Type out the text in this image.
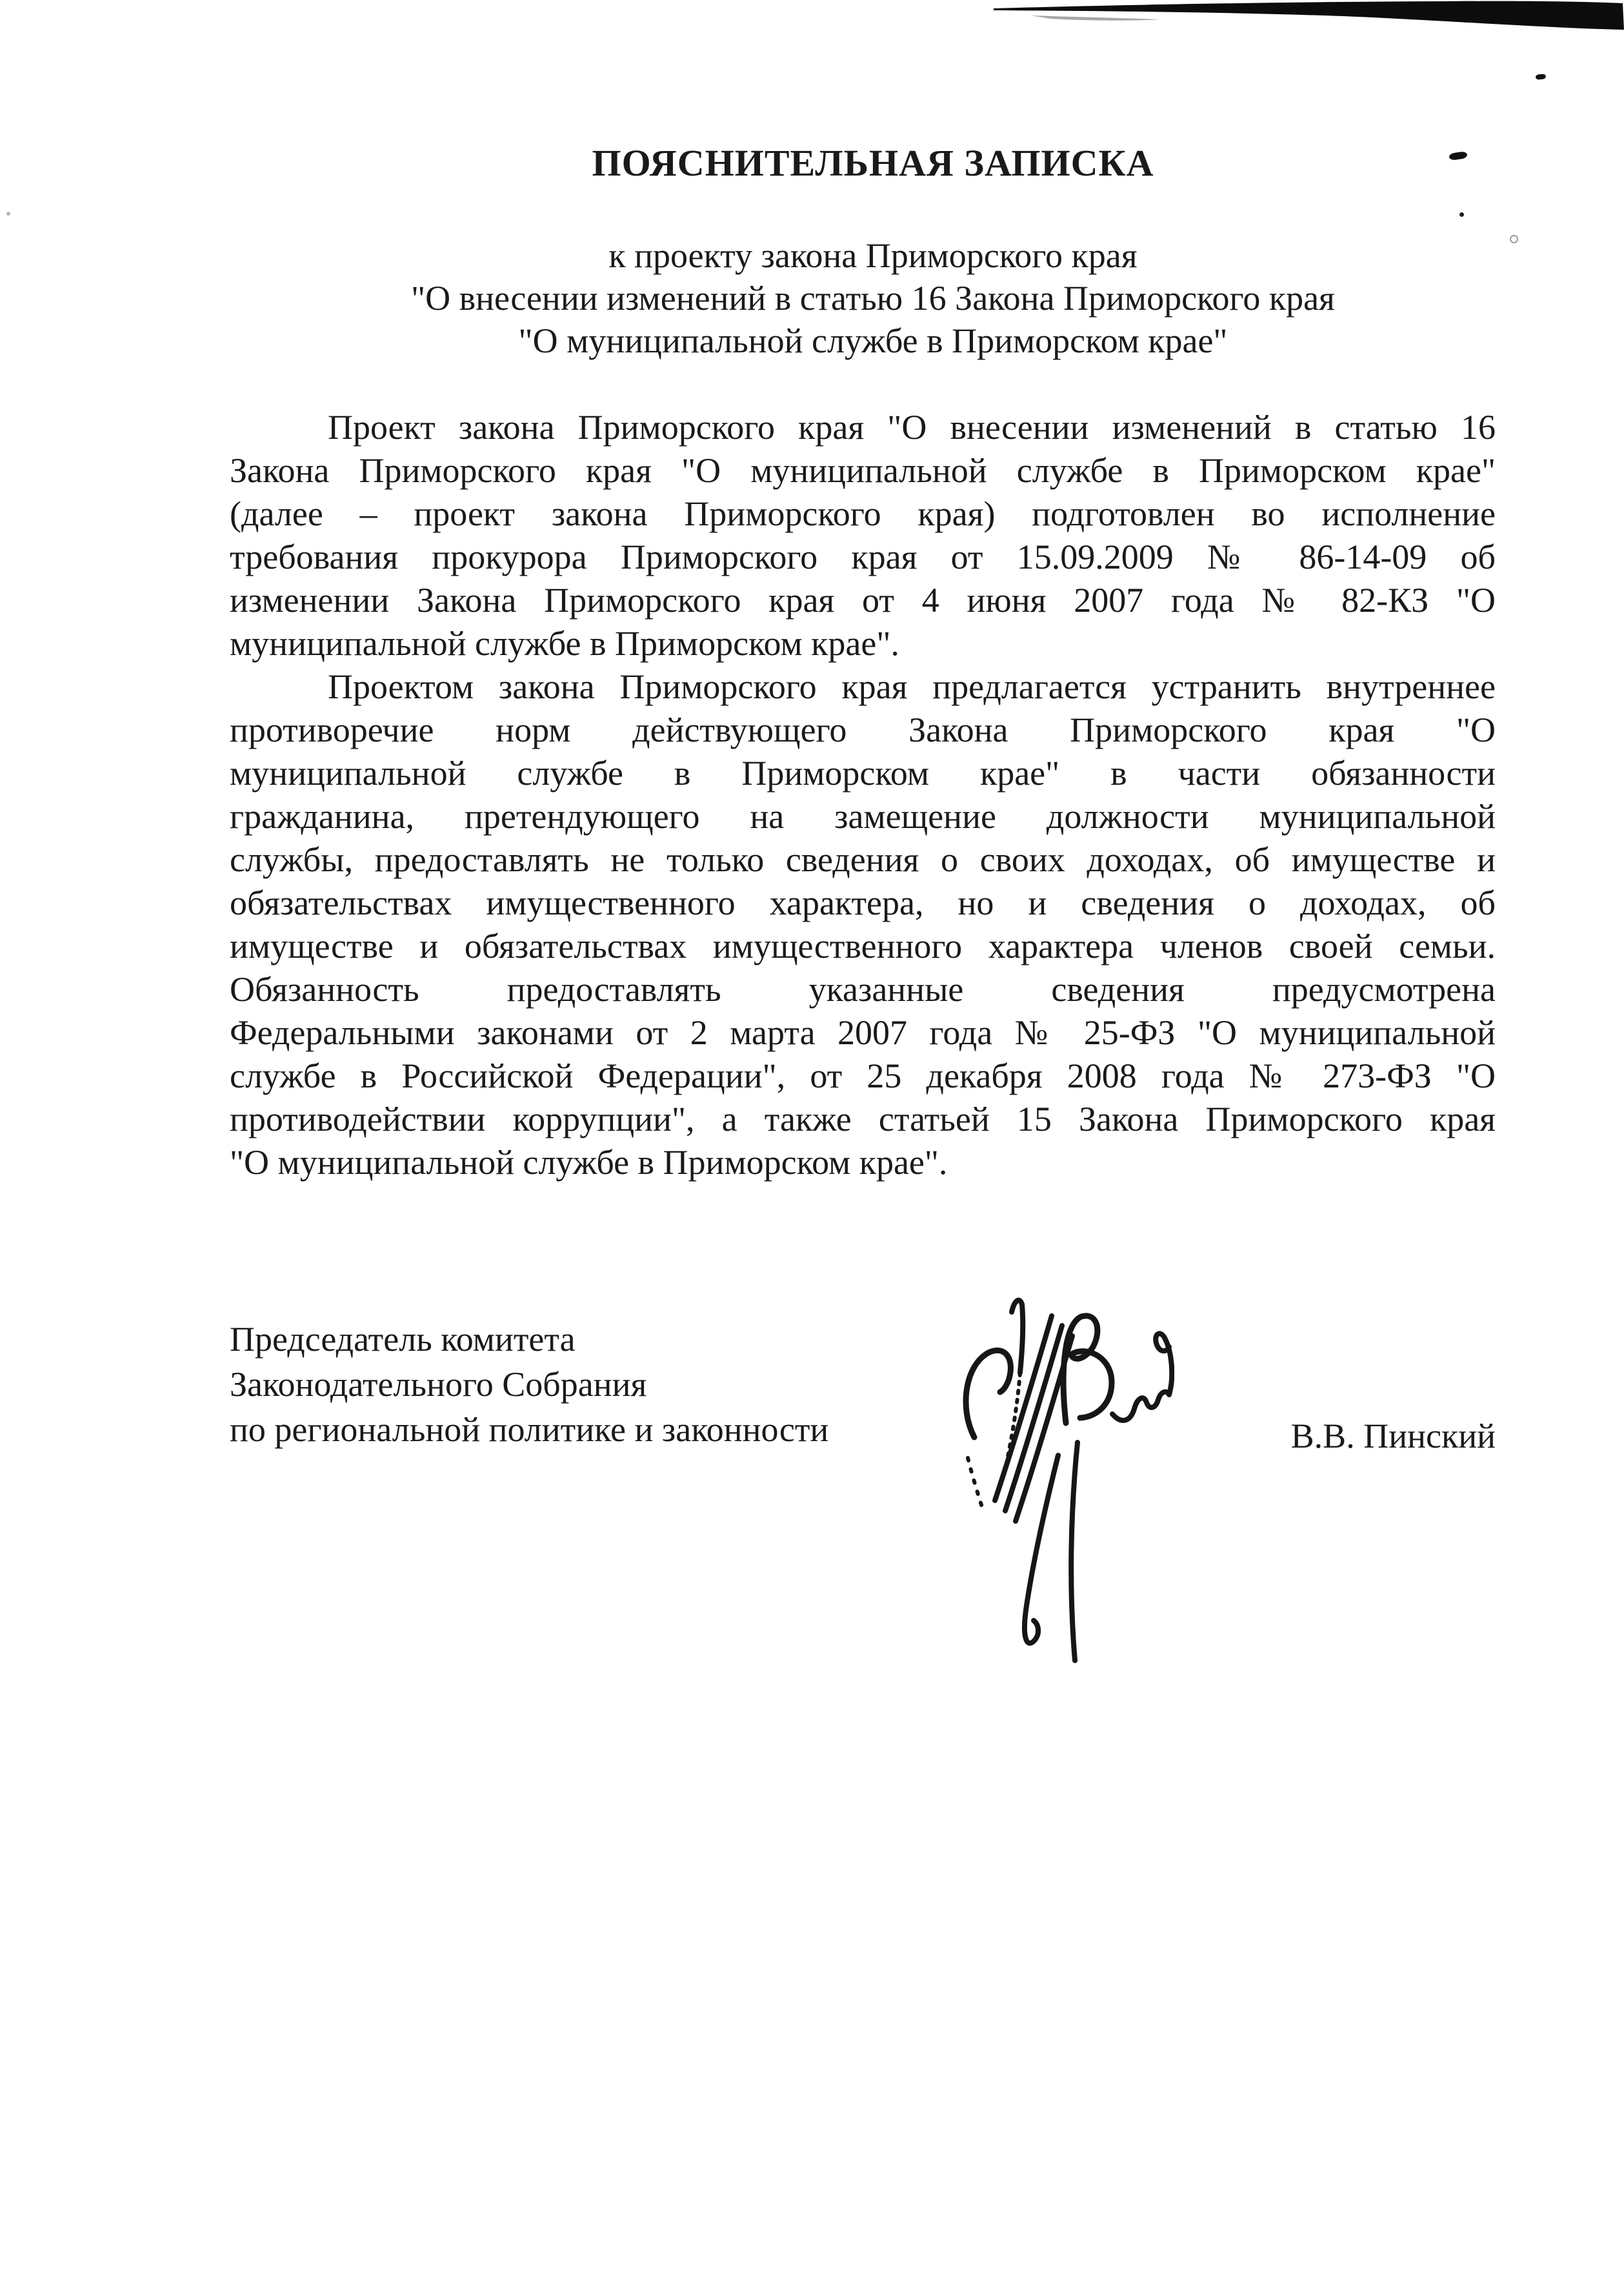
ПОЯСНИТЕЛЬНАЯ ЗАПИСКА
к проекту закона Приморского края
"О внесении изменений в статью 16 Закона Приморского края
"О муниципальной службе в Приморском крае"
Проект закона Приморского края "О внесении изменений в статью 16
Закона Приморского края "О муниципальной службе в Приморском крае"
(далее – проект закона Приморского края) подготовлен во исполнение
требования прокурора Приморского края от 15.09.2009 № 86-14-09 об
изменении Закона Приморского края от 4 июня 2007 года № 82-КЗ "О
муниципальной службе в Приморском крае".
Проектом закона Приморского края предлагается устранить внутреннее
противоречие норм действующего Закона Приморского края "О
муниципальной службе в Приморском крае" в части обязанности
гражданина, претендующего на замещение должности муниципальной
службы, предоставлять не только сведения о своих доходах, об имуществе и
обязательствах имущественного характера, но и сведения о доходах, об
имуществе и обязательствах имущественного характера членов своей семьи.
Обязанность предоставлять указанные сведения предусмотрена
Федеральными законами от 2 марта 2007 года № 25-ФЗ "О муниципальной
службе в Российской Федерации", от 25 декабря 2008 года № 273-ФЗ "О
противодействии коррупции", а также статьей 15 Закона Приморского края
"О муниципальной службе в Приморском крае".
Председатель комитета
Законодательного Собрания
по региональной политике и законности	В.В. Пинский
